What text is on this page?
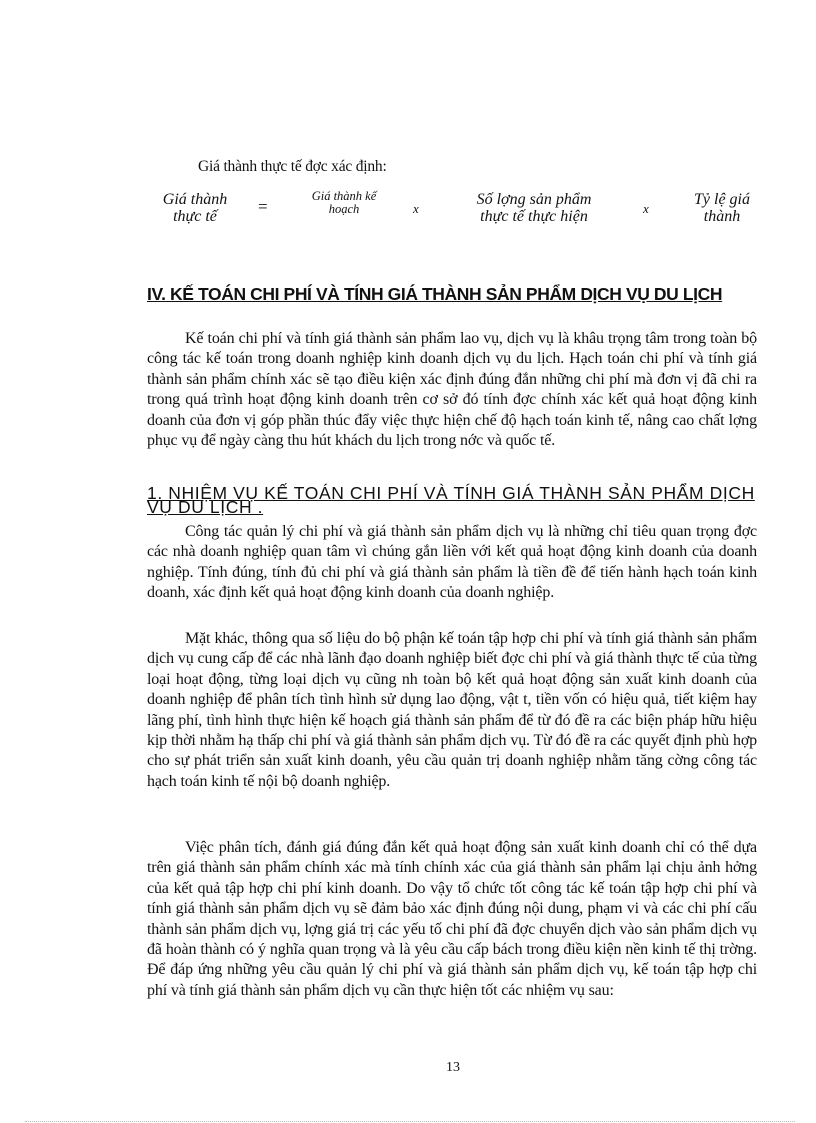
Giá thành thực tế đợc xác định:
Giá thành
thực tế
=
Giá thành kế
hoạch	x
Số lợng sản phẩm
thực tế thực hiện	x
Tỷ lệ giá
thành
IV. KẾ TOÁN CHI PHÍ VÀ TÍNH GIÁ THÀNH SẢN PHẨM DỊCH VỤ DU LỊCH

Kế toán chi phí và tính giá thành sản phẩm lao vụ, dịch vụ là khâu trọng tâm trong toàn bộ công tác kế toán trong doanh nghiệp kinh doanh dịch vụ du lịch. Hạch toán chi phí và tính giá thành sản phẩm chính xác sẽ tạo điều kiện xác định đúng đắn những chi phí mà đơn vị đã chi ra trong quá trình hoạt động kinh doanh trên cơ sở đó tính đợc chính xác kết quả hoạt động kinh doanh của đơn vị góp phần thúc đẩy việc thực hiện chế độ hạch toán kinh tế, nâng cao chất lợng phục vụ để ngày càng thu hút khách du lịch trong nớc và quốc tế.

1. NHIỆM VỤ KẾ TOÁN CHI PHÍ VÀ TÍNH GIÁ THÀNH SẢN PHẨM DỊCH VỤ DU LỊCH .

Công tác quản lý chi phí và giá thành sản phẩm dịch vụ là những chỉ tiêu quan trọng đợc các nhà doanh nghiệp quan tâm vì chúng gắn liền với kết quả hoạt động kinh doanh của doanh nghiệp. Tính đúng, tính đủ chi phí và giá thành sản phẩm là tiền đề để tiến hành hạch toán kinh doanh, xác định kết quả hoạt động kinh doanh của doanh nghiệp.

Mặt khác, thông qua số liệu do bộ phận kế toán tập hợp chi phí và tính giá thành sản phẩm dịch vụ cung cấp để các nhà lãnh đạo doanh nghiệp biết đợc chi phí và giá thành thực tế của từng loại hoạt động, từng loại dịch vụ cũng nh toàn bộ kết quả hoạt động sản xuất kinh doanh của doanh nghiệp để phân tích tình hình sử dụng lao động, vật t, tiền vốn có hiệu quả, tiết kiệm hay lãng phí, tình hình thực hiện kế hoạch giá thành sản phẩm để từ đó đề ra các biện pháp hữu hiệu kịp thời nhằm hạ thấp chi phí và giá thành sản phẩm dịch vụ. Từ đó đề ra các quyết định phù hợp cho sự phát triển sản xuất kinh doanh, yêu cầu quản trị doanh nghiệp nhằm tăng cờng công tác hạch toán kinh tế nội bộ doanh nghiệp.

Việc phân tích, đánh giá đúng đắn kết quả hoạt động sản xuất kinh doanh chỉ có thể dựa trên giá thành sản phẩm chính xác mà tính chính xác của giá thành sản phẩm lại chịu ảnh hởng của kết quả tập hợp chi phí kinh doanh. Do vậy tổ chức tốt công tác kế toán tập hợp chi phí và tính giá thành sản phẩm dịch vụ sẽ đảm bảo xác định đúng nội dung, phạm vi và các chi phí cấu thành sản phẩm dịch vụ, lợng giá trị các yếu tố chi phí đã đợc chuyển dịch vào sản phẩm dịch vụ đã hoàn thành có ý nghĩa quan trọng và là yêu cầu cấp bách trong điều kiện nền kinh tế thị trờng. Để đáp ứng những yêu cầu quản lý chi phí và giá thành sản phẩm dịch vụ, kế toán tập hợp chi phí và tính giá thành sản phẩm dịch vụ cần thực hiện tốt các nhiệm vụ sau:

13
